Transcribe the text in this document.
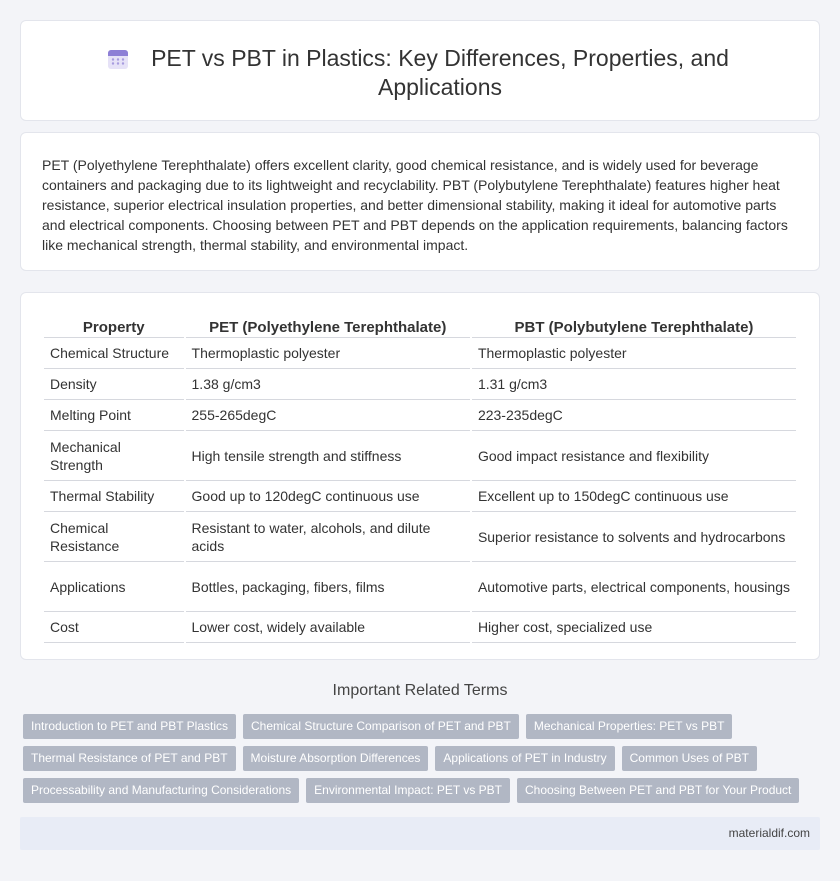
PET vs PBT in Plastics: Key Differences, Properties, and Applications

PET (Polyethylene Terephthalate) offers excellent clarity, good chemical resistance, and is widely used for beverage containers and packaging due to its lightweight and recyclability. PBT (Polybutylene Terephthalate) features higher heat resistance, superior electrical insulation properties, and better dimensional stability, making it ideal for automotive parts and electrical components. Choosing between PET and PBT depends on the application requirements, balancing factors like mechanical strength, thermal stability, and environmental impact.

Property	PET (Polyethylene Terephthalate)	PBT (Polybutylene Terephthalate)
Chemical Structure	Thermoplastic polyester	Thermoplastic polyester
Density	1.38 g/cm3	1.31 g/cm3
Melting Point	255-265degC	223-235degC
Mechanical Strength	High tensile strength and stiffness	Good impact resistance and flexibility
Thermal Stability	Good up to 120degC continuous use	Excellent up to 150degC continuous use
Chemical Resistance	Resistant to water, alcohols, and dilute acids	Superior resistance to solvents and hydrocarbons
Applications	Bottles, packaging, fibers, films	Automotive parts, electrical components, housings
Cost	Lower cost, widely available	Higher cost, specialized use
Important Related Terms
Introduction to PET and PBT Plastics	Chemical Structure Comparison of PET and PBT	Mechanical Properties: PET vs PBT
Thermal Resistance of PET and PBT	Moisture Absorption Differences	Applications of PET in Industry	Common Uses of PBT
Processability and Manufacturing Considerations	Environmental Impact: PET vs PBT	Choosing Between PET and PBT for Your Product
materialdif.com
